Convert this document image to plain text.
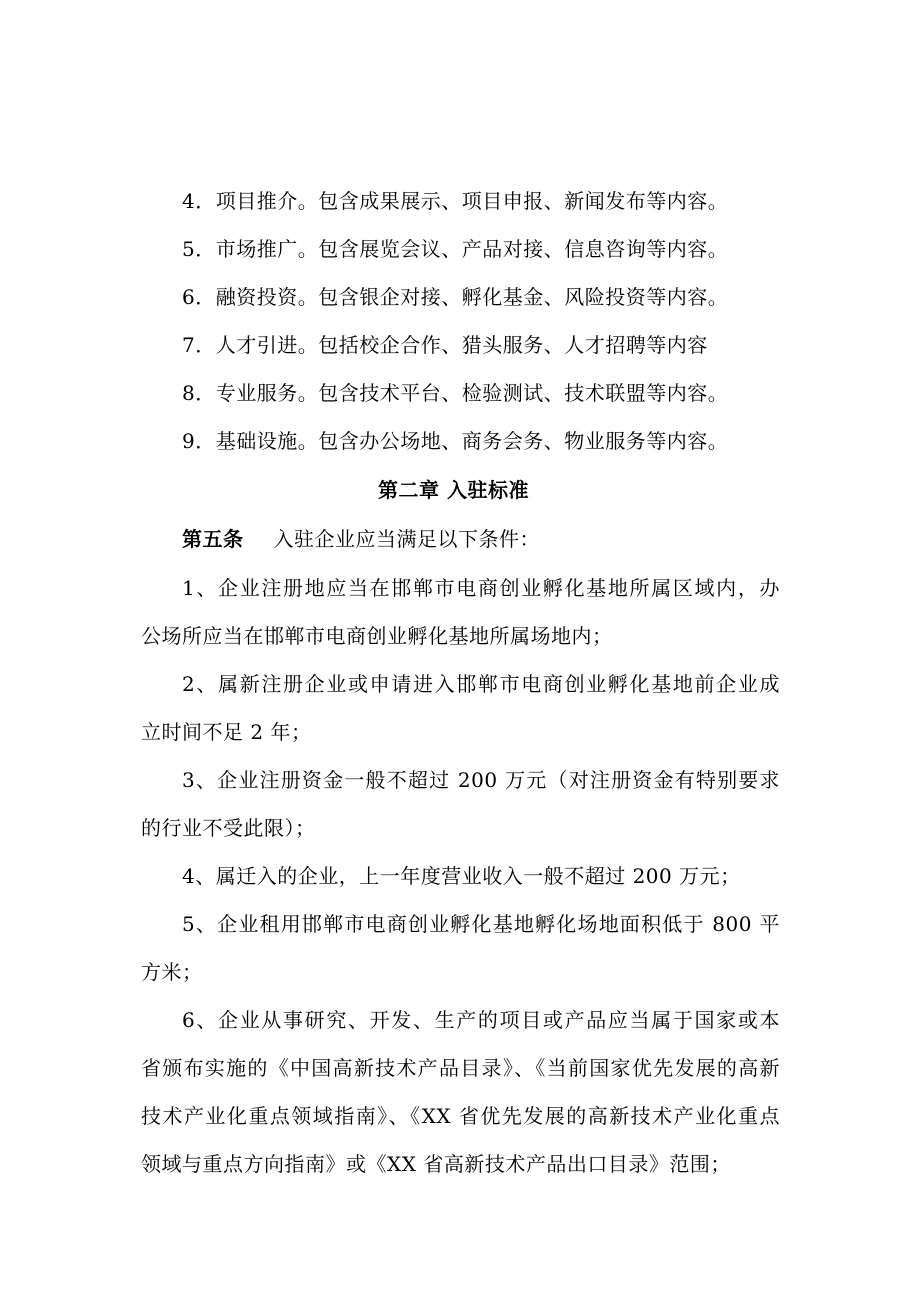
4．项目推介。包含成果展示、项目申报、新闻发布等内容。
5．市场推广。包含展览会议、产品对接、信息咨询等内容。
6．融资投资。包含银企对接、孵化基金、风险投资等内容。
7．人才引进。包括校企合作、猎头服务、人才招聘等内容
8．专业服务。包含技术平台、检验测试、技术联盟等内容。
9．基础设施。包含办公场地、商务会务、物业服务等内容。
第二章 入驻标准
第五条 入驻企业应当满足以下条件：
1、企业注册地应当在邯郸市电商创业孵化基地所属区域内，办
公场所应当在邯郸市电商创业孵化基地所属场地内；
2、属新注册企业或申请进入邯郸市电商创业孵化基地前企业成
立时间不足 2 年；
3、企业注册资金一般不超过 200 万元（对注册资金有特别要求
的行业不受此限）；
4、属迁入的企业，上一年度营业收入一般不超过 200 万元；
5、企业租用邯郸市电商创业孵化基地孵化场地面积低于 800 平
方米；
6、企业从事研究、开发、生产的项目或产品应当属于国家或本
省颁布实施的《中国高新技术产品目录》、《当前国家优先发展的高新
技术产业化重点领域指南》、《XX 省优先发展的高新技术产业化重点
领域与重点方向指南》或《XX 省高新技术产品出口目录》范围；
